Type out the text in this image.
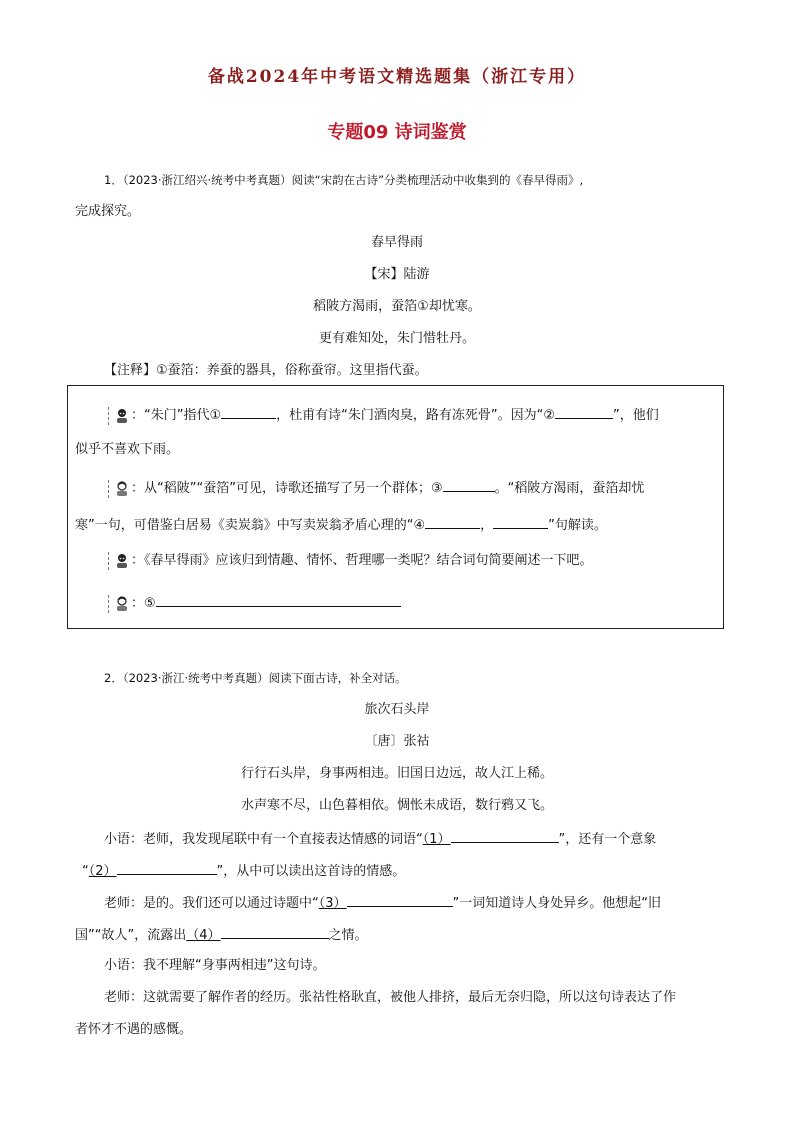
备战2024年中考语文精选题集（浙江专用）
专题09 诗词鉴赏
1．（2023·浙江绍兴·统考中考真题）阅读“宋韵在古诗”分类梳理活动中收集到的《春早得雨》,
完成探究。
春早得雨
【宋】陆游
稻陂方渴雨，蚕箔①却忧寒。
更有难知处，朱门惜牡丹。
【注释】①蚕箔：养蚕的器具，俗称蚕帘。这里指代蚕。
：“朱门”指代①	，杜甫有诗“朱门酒肉臭，路有冻死骨”。因为“②	”，他们
似乎不喜欢下雨。
：从“稻陂”“蚕箔”可见，诗歌还描写了另一个群体；③	。“稻陂方渴雨，蚕箔却忧
寒”一句，可借鉴白居易《卖炭翁》中写卖炭翁矛盾心理的“④	，	”句解读。
：《春早得雨》应该归到情趣、情怀、哲理哪一类呢？结合词句简要阐述一下吧。
：⑤
2．（2023·浙江·统考中考真题）阅读下面古诗，补全对话。
旅次石头岸
〔唐〕张祜
行行石头岸，身事两相违。旧国日边远，故人江上稀。
水声寒不尽，山色暮相依。惆怅未成语，数行鸦又飞。
小语：老师，我发现尾联中有一个直接表达情感的词语“（1）	”，还有一个意象
“（2）	”，从中可以读出这首诗的情感。
老师：是的。我们还可以通过诗题中“（3）	”一词知道诗人身处异乡。他想起“旧
国”“故人”，流露出（4）	之情。
小语：我不理解“身事两相违”这句诗。
老师：这就需要了解作者的经历。张祜性格耿直，被他人排挤，最后无奈归隐，所以这句诗表达了作
者怀才不遇的感慨。
